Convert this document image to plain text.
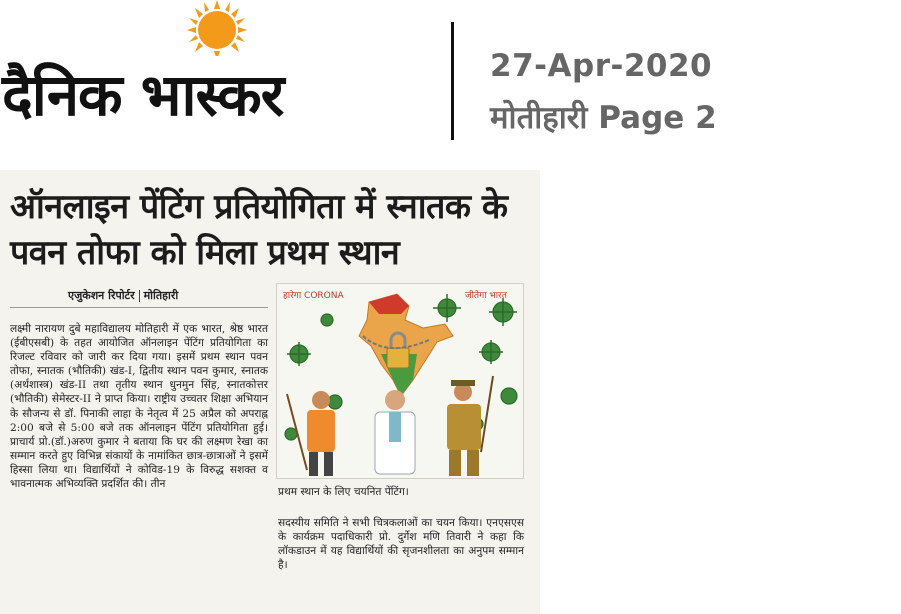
दैनिक भास्कर	27-Apr-2020
मोतीहारी Page 2
ऑनलाइन पेंटिंग प्रतियोगिता में स्नातक के पवन तोफा को मिला प्रथम स्थान
एजुकेशन रिपोर्टर मोतिहारी

लक्ष्मी नारायण दुबे महाविद्यालय मोतिहारी में एक भारत, श्रेष्ठ भारत (ईबीएसबी) के तहत आयोजित ऑनलाइन पेंटिंग प्रतियोगिता का रिजल्ट रविवार को जारी कर दिया गया। इसमें प्रथम स्थान पवन तोफा, स्नातक (भौतिकी) खंड-I, द्वितीय स्थान पवन कुमार, स्नातक (अर्थशास्त्र) खंड-II तथा तृतीय स्थान धुनमुन सिंह, स्नातकोत्तर (भौतिकी) सेमेस्टर-II ने प्राप्त किया। राष्ट्रीय उच्चतर शिक्षा अभियान के सौजन्य से डॉ. पिनाकी लाहा के नेतृत्व में 25 अप्रैल को अपराह्न 2:00 बजे से 5:00 बजे तक ऑनलाइन पेंटिंग प्रतियोगिता हुई। प्राचार्य प्रो.(डॉ.)अरुण कुमार ने बताया कि घर की लक्ष्मण रेखा का सम्मान करते हुए विभिन्न संकायों के नामांकित छात्र-छात्राओं ने इसमें हिस्सा लिया था। विद्यार्थियों ने कोविड-19 के विरुद्ध सशक्त व भावनात्मक अभिव्यक्ति प्रदर्शित की। तीन

हारेगा CORONA	जीतेगा भारत
प्रथम स्थान के लिए चयनित पेंटिंग।

सदस्यीय समिति ने सभी चित्रकलाओं का चयन किया। एनएसएस के कार्यक्रम पदाधिकारी प्रो. दुर्गेश मणि तिवारी ने कहा कि लॉकडाउन में यह विद्यार्थियों की सृजनशीलता का अनुपम सम्मान है।
